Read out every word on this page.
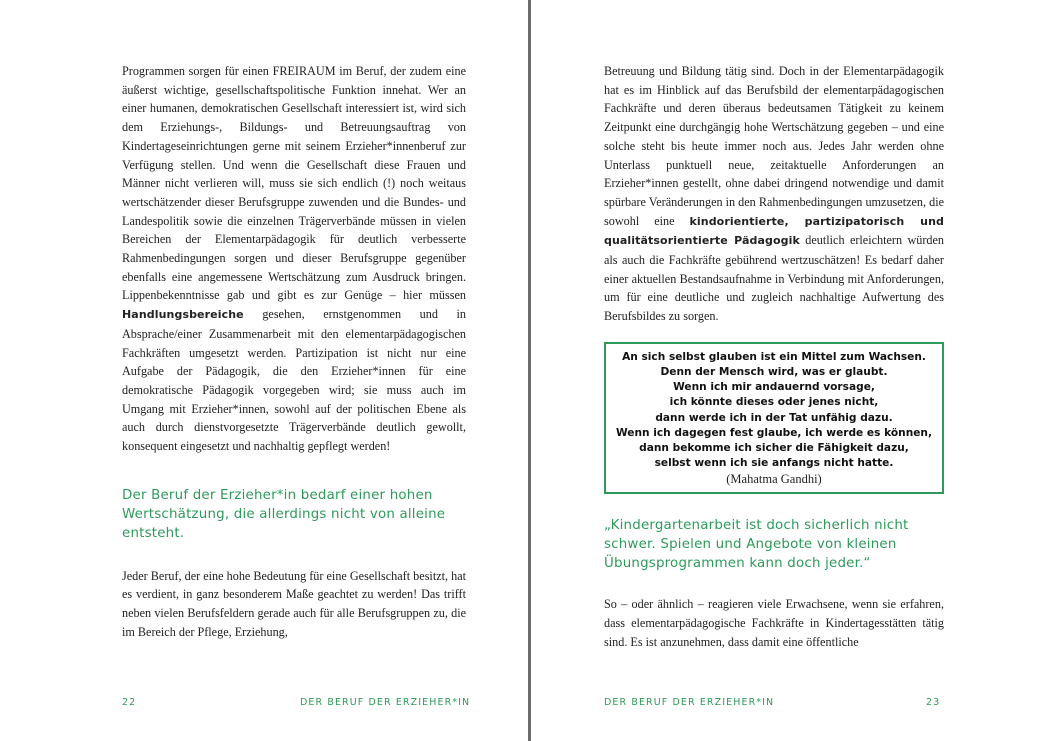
Programmen sorgen für einen FREIRAUM im Beruf, der zudem eine äußerst wichtige, gesellschaftspolitische Funktion innehat. Wer an einer humanen, demokratischen Gesellschaft interessiert ist, wird sich dem Erziehungs-, Bildungs- und Betreuungsauftrag von Kindertageseinrichtungen gerne mit seinem Erzieher*innenberuf zur Verfügung stellen. Und wenn die Gesellschaft diese Frauen und Männer nicht verlieren will, muss sie sich endlich (!) noch weitaus wertschätzender dieser Berufsgruppe zuwenden und die Bundes- und Landespolitik sowie die einzelnen Trägerverbände müssen in vielen Bereichen der Elementarpädagogik für deutlich verbesserte Rahmenbedingungen sorgen und dieser Berufsgruppe gegenüber ebenfalls eine angemessene Wertschätzung zum Ausdruck bringen. Lippenbekenntnisse gab und gibt es zur Genüge – hier müssen Handlungsbereiche gesehen, ernstgenommen und in Absprache/einer Zusammenarbeit mit den elementarpädagogischen Fachkräften umgesetzt werden. Partizipation ist nicht nur eine Aufgabe der Pädagogik, die den Erzieher*innen für eine demokratische Pädagogik vorgegeben wird; sie muss auch im Umgang mit Erzieher*innen, sowohl auf der politischen Ebene als auch durch dienstvorgesetzte Trägerverbände deutlich gewollt, konsequent eingesetzt und nachhaltig gepflegt werden!

Der Beruf der Erzieher*in bedarf einer hohen Wertschätzung, die allerdings nicht von alleine entsteht.

Jeder Beruf, der eine hohe Bedeutung für eine Gesellschaft besitzt, hat es verdient, in ganz besonderem Maße geachtet zu werden! Das trifft neben vielen Berufsfeldern gerade auch für alle Berufsgruppen zu, die im Bereich der Pflege, Erziehung,

Betreuung und Bildung tätig sind. Doch in der Elementarpädagogik hat es im Hinblick auf das Berufsbild der elementarpädagogischen Fachkräfte und deren überaus bedeutsamen Tätigkeit zu keinem Zeitpunkt eine durchgängig hohe Wertschätzung gegeben – und eine solche steht bis heute immer noch aus. Jedes Jahr werden ohne Unterlass punktuell neue, zeitaktuelle Anforderungen an Erzieher*innen gestellt, ohne dabei dringend notwendige und damit spürbare Veränderungen in den Rahmenbedingungen umzusetzen, die sowohl eine kindorientierte, partizipatorisch und qualitätsorientierte Pädagogik deutlich erleichtern würden als auch die Fachkräfte gebührend wertzuschätzen! Es bedarf daher einer aktuellen Bestandsaufnahme in Verbindung mit Anforderungen, um für eine deutliche und zugleich nachhaltige Aufwertung des Berufsbildes zu sorgen.

An sich selbst glauben ist ein Mittel zum Wachsen.
Denn der Mensch wird, was er glaubt.
Wenn ich mir andauernd vorsage,
ich könnte dieses oder jenes nicht,
dann werde ich in der Tat unfähig dazu.
Wenn ich dagegen fest glaube, ich werde es können,
dann bekomme ich sicher die Fähigkeit dazu,
selbst wenn ich sie anfangs nicht hatte.
(Mahatma Gandhi)
„Kindergartenarbeit ist doch sicherlich nicht schwer. Spielen und Angebote von kleinen Übungsprogrammen kann doch jeder.“

So – oder ähnlich – reagieren viele Erwachsene, wenn sie erfahren, dass elementarpädagogische Fachkräfte in Kindertagesstätten tätig sind. Es ist anzunehmen, dass damit eine öffentliche

22	DER BERUF DER ERZIEHER*IN	DER BERUF DER ERZIEHER*IN	23
